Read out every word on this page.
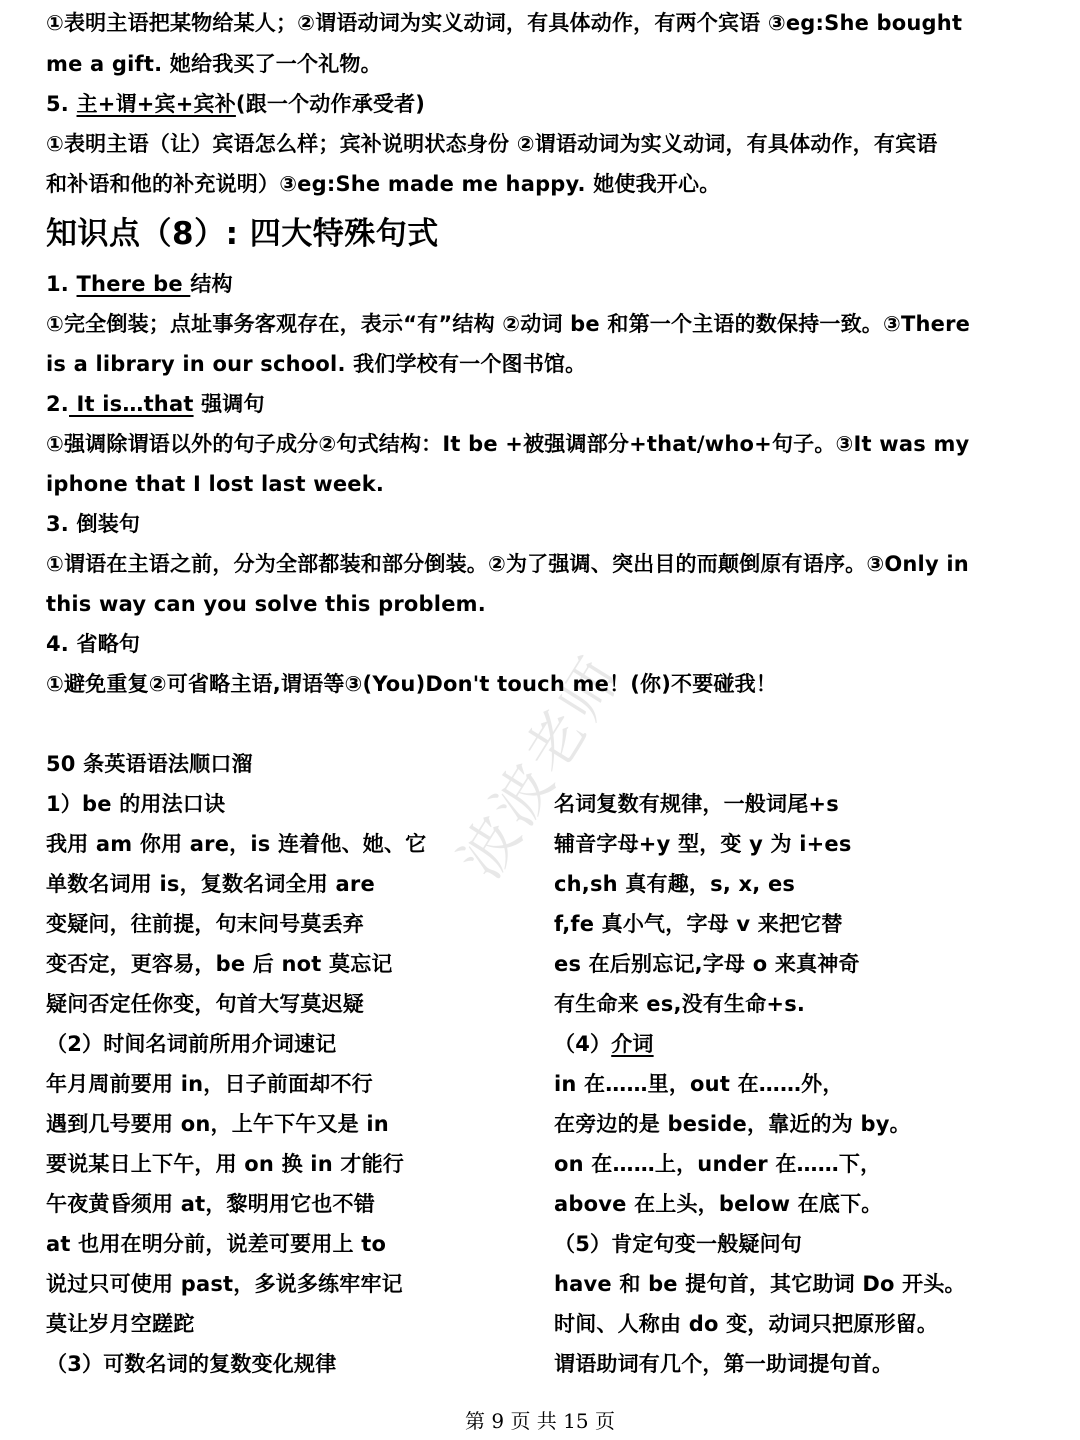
①表明主语把某物给某人；②谓语动词为实义动词，有具体动作，有两个宾语 ③eg:She bought
me a gift. 她给我买了一个礼物。
5. 主+谓+宾+宾补(跟一个动作承受者)
①表明主语（让）宾语怎么样；宾补说明状态身份 ②谓语动词为实义动词，有具体动作，有宾语
和补语和他的补充说明）③eg:She made me happy. 她使我开心。
知识点（8）: 四大特殊句式
1. There be 结构
①完全倒装；点址事务客观存在，表示“有”结构 ②动词 be 和第一个主语的数保持一致。③There
is a library in our school. 我们学校有一个图书馆。
2. It is…that 强调句
①强调除谓语以外的句子成分②句式结构：It be +被强调部分+that/who+句子。③It was my
iphone that I lost last week.
3. 倒装句
①谓语在主语之前，分为全部都装和部分倒装。②为了强调、突出目的而颠倒原有语序。③Only in
this way can you solve this problem.
4. 省略句
①避免重复②可省略主语,谓语等③(You)Don't touch me！(你)不要碰我！
50 条英语语法顺口溜
1）be 的用法口诀
我用 am 你用 are，is 连着他、她、它
单数名词用 is，复数名词全用 are
变疑问，往前提，句末问号莫丢弃
变否定，更容易，be 后 not 莫忘记
疑问否定任你变，句首大写莫迟疑
（2）时间名词前所用介词速记
年月周前要用 in，日子前面却不行
遇到几号要用 on，上午下午又是 in
要说某日上下午，用 on 换 in 才能行
午夜黄昏须用 at，黎明用它也不错
at 也用在明分前，说差可要用上 to
说过只可使用 past，多说多练牢牢记
莫让岁月空蹉跎
（3）可数名词的复数变化规律
名词复数有规律，一般词尾+s
辅音字母+y 型，变 y 为 i+es
ch,sh 真有趣，s, x, es
f,fe 真小气，字母 v 来把它替
es 在后别忘记,字母 o 来真神奇
有生命来 es,没有生命+s.
（4）介词
in 在……里，out 在……外，
在旁边的是 beside，靠近的为 by。
on 在……上，under 在……下，
above 在上头，below 在底下。
（5）肯定句变一般疑问句
have 和 be 提句首，其它助词 Do 开头。
时间、人称由 do 变，动词只把原形留。
谓语助词有几个，第一助词提句首。
波波老师
第 9 页 共 15 页
